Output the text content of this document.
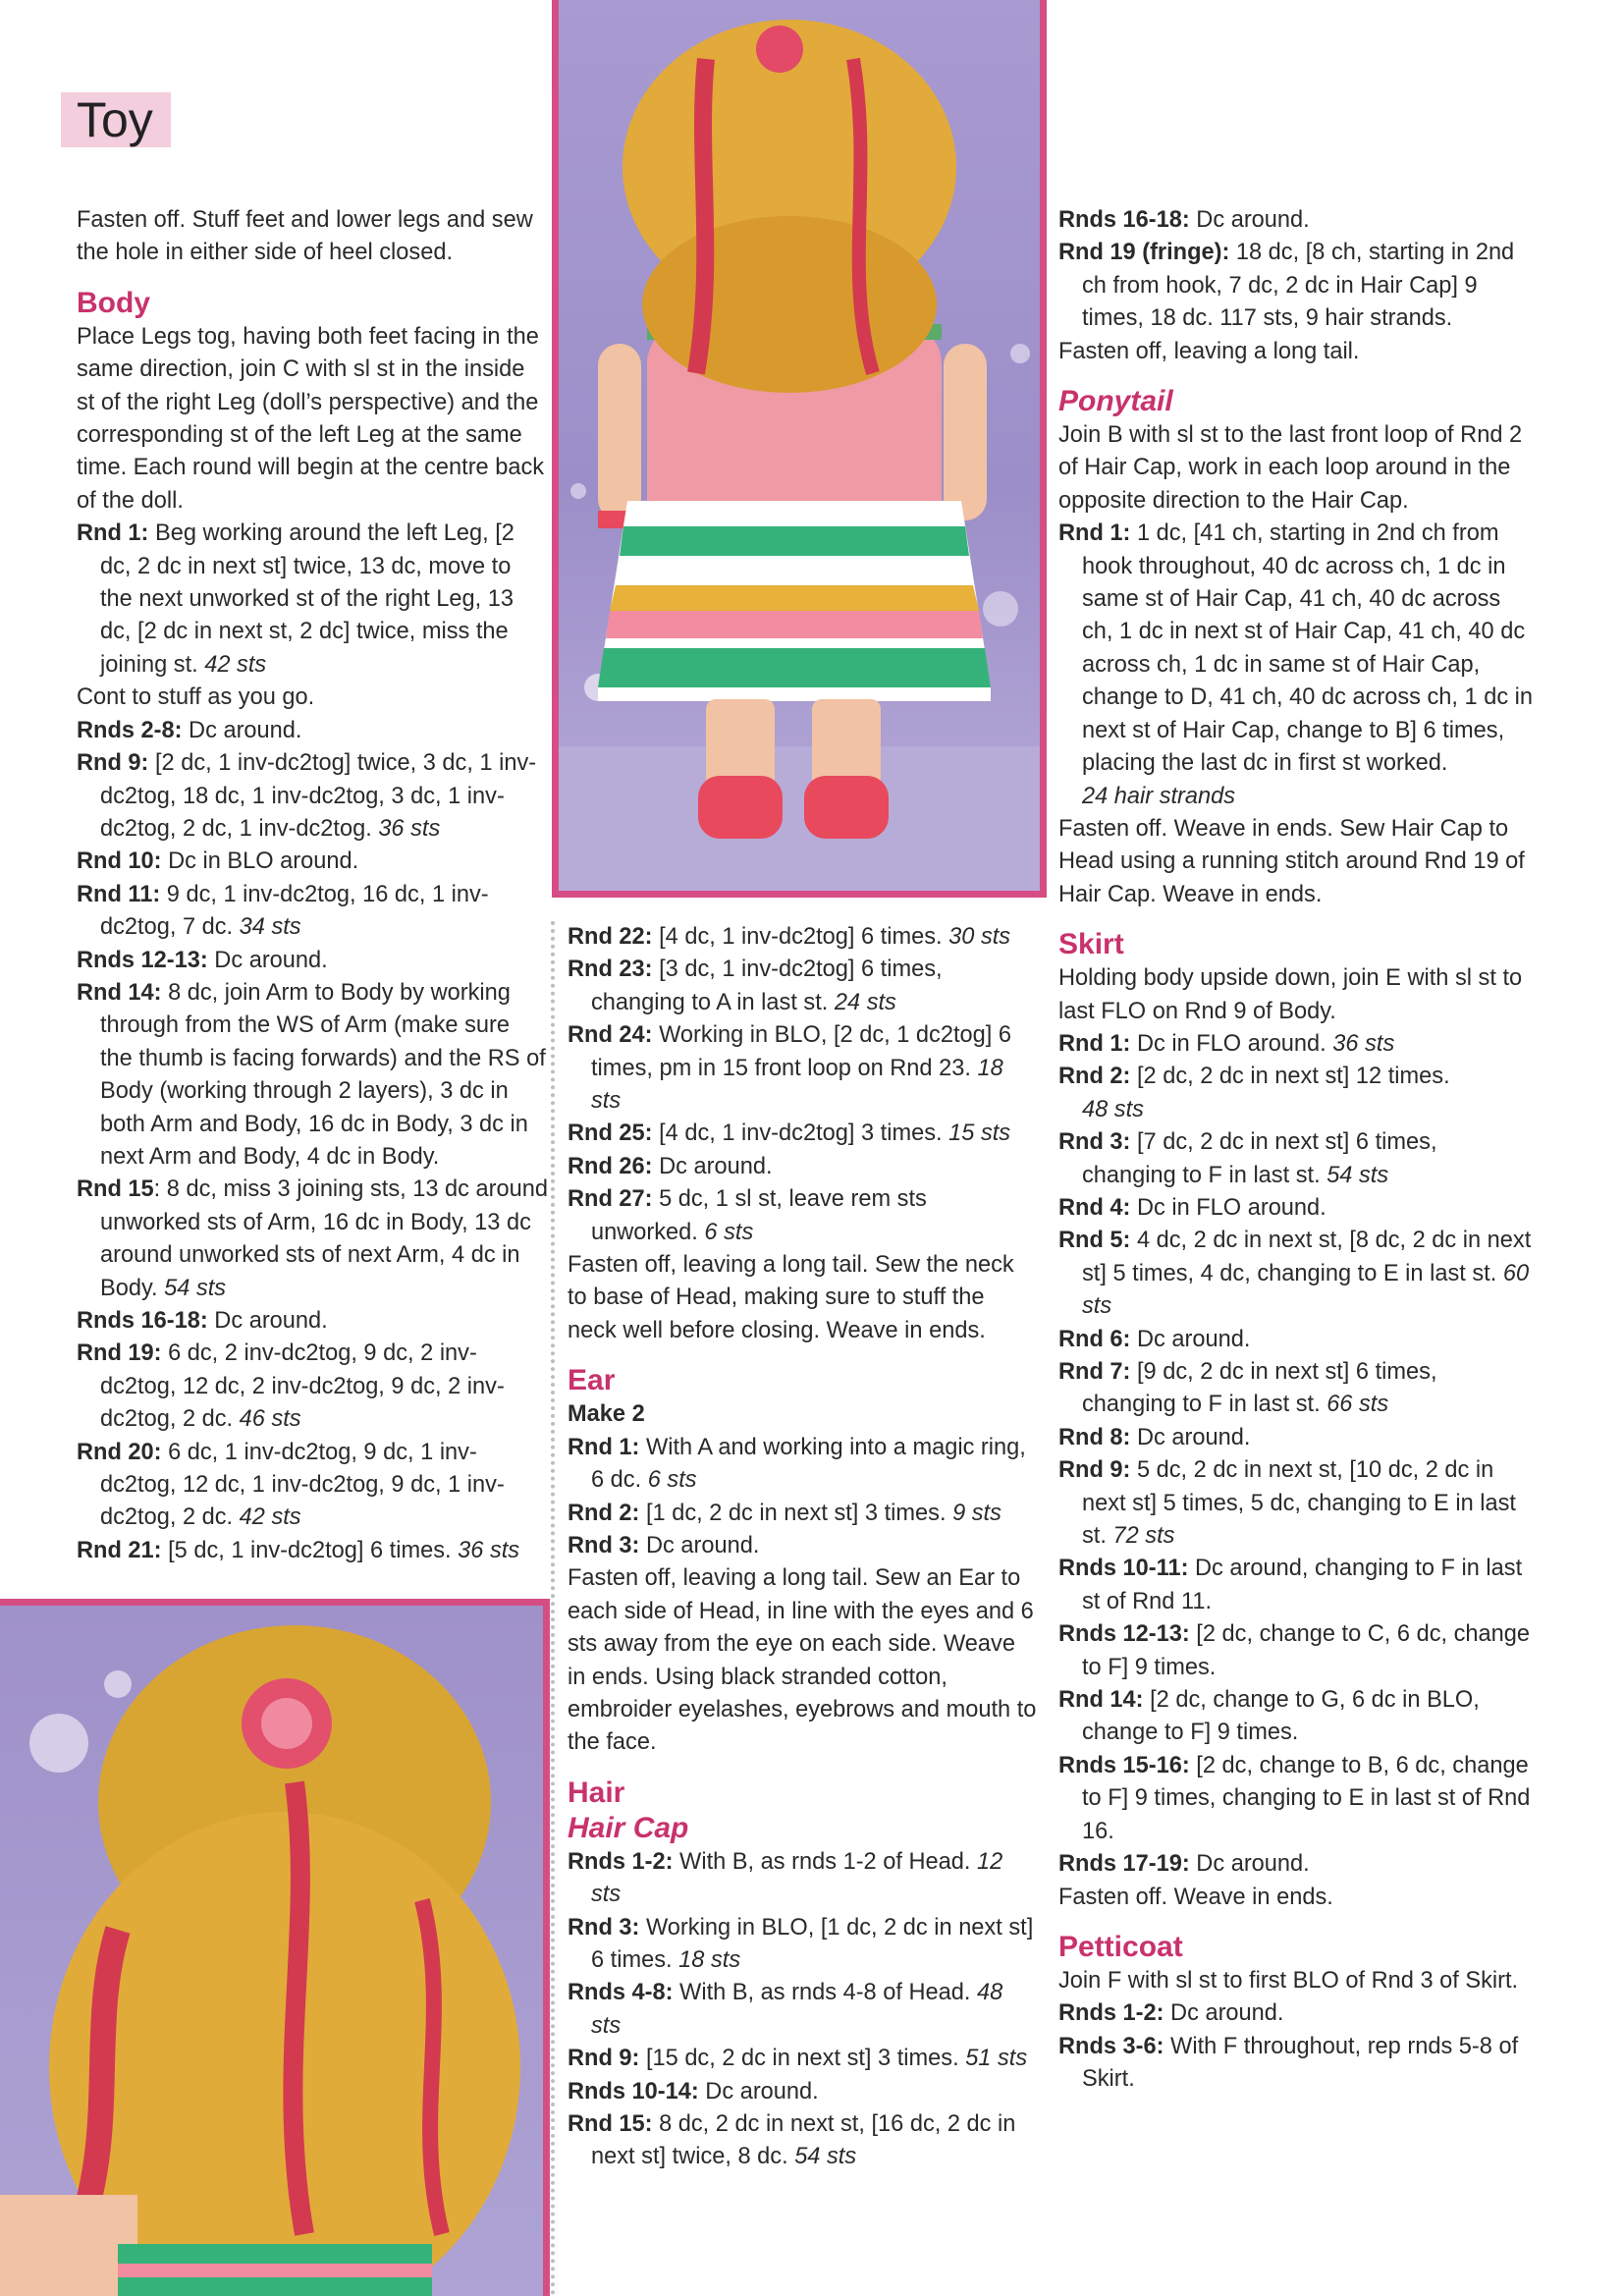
Toy

Fasten off. Stuff feet and lower legs and sew the hole in either side of heel closed.

Body

Place Legs tog, having both feet facing in the same direction, join C with sl st in the inside st of the right Leg (doll’s perspective) and the corresponding st of the left Leg at the same time. Each round will begin at the centre back of the doll.

Rnd 1: Beg working around the left Leg, [2 dc, 2 dc in next st] twice, 13 dc, move to the next unworked st of the right Leg, 13 dc, [2 dc in next st, 2 dc] twice, miss the joining st. 42 sts

Cont to stuff as you go.

Rnds 2-8: Dc around.

Rnd 9: [2 dc, 1 inv-dc2tog] twice, 3 dc, 1 inv-dc2tog, 18 dc, 1 inv-dc2tog, 3 dc, 1 inv-dc2tog, 2 dc, 1 inv-dc2tog. 36 sts

Rnd 10: Dc in BLO around.

Rnd 11: 9 dc, 1 inv-dc2tog, 16 dc, 1 inv-dc2tog, 7 dc. 34 sts

Rnds 12-13: Dc around.

Rnd 14: 8 dc, join Arm to Body by working through from the WS of Arm (make sure the thumb is facing forwards) and the RS of Body (working through 2 layers), 3 dc in both Arm and Body, 16 dc in Body, 3 dc in next Arm and Body, 4 dc in Body.

Rnd 15: 8 dc, miss 3 joining sts, 13 dc around unworked sts of Arm, 16 dc in Body, 13 dc around unworked sts of next Arm, 4 dc in Body. 54 sts

Rnds 16-18: Dc around.

Rnd 19: 6 dc, 2 inv-dc2tog, 9 dc, 2 inv-dc2tog, 12 dc, 2 inv-dc2tog, 9 dc, 2 inv-dc2tog, 2 dc. 46 sts

Rnd 20: 6 dc, 1 inv-dc2tog, 9 dc, 1 inv-dc2tog, 12 dc, 1 inv-dc2tog, 9 dc, 1 inv-dc2tog, 2 dc. 42 sts

Rnd 21: [5 dc, 1 inv-dc2tog] 6 times. 36 sts

Rnd 22: [4 dc, 1 inv-dc2tog] 6 times. 30 sts

Rnd 23: [3 dc, 1 inv-dc2tog] 6 times, changing to A in last st. 24 sts

Rnd 24: Working in BLO, [2 dc, 1 dc2tog] 6 times, pm in 15 front loop on Rnd 23. 18 sts

Rnd 25: [4 dc, 1 inv-dc2tog] 3 times. 15 sts

Rnd 26: Dc around.

Rnd 27: 5 dc, 1 sl st, leave rem sts unworked. 6 sts

Fasten off, leaving a long tail. Sew the neck to base of Head, making sure to stuff the neck well before closing. Weave in ends.

Ear

Make 2

Rnd 1: With A and working into a magic ring, 6 dc. 6 sts

Rnd 2: [1 dc, 2 dc in next st] 3 times. 9 sts

Rnd 3: Dc around.

Fasten off, leaving a long tail. Sew an Ear to each side of Head, in line with the eyes and 6 sts away from the eye on each side. Weave in ends. Using black stranded cotton, embroider eyelashes, eyebrows and mouth to the face.

Hair

Hair Cap

Rnds 1-2: With B, as rnds 1-2 of Head. 12 sts

Rnd 3: Working in BLO, [1 dc, 2 dc in next st] 6 times. 18 sts

Rnds 4-8: With B, as rnds 4-8 of Head. 48 sts

Rnd 9: [15 dc, 2 dc in next st] 3 times. 51 sts

Rnds 10-14: Dc around.

Rnd 15: 8 dc, 2 dc in next st, [16 dc, 2 dc in next st] twice, 8 dc. 54 sts

Rnds 16-18: Dc around.

Rnd 19 (fringe): 18 dc, [8 ch, starting in 2nd ch from hook, 7 dc, 2 dc in Hair Cap] 9 times, 18 dc. 117 sts, 9 hair strands.

Fasten off, leaving a long tail.

Ponytail

Join B with sl st to the last front loop of Rnd 2 of Hair Cap, work in each loop around in the opposite direction to the Hair Cap.

Rnd 1: 1 dc, [41 ch, starting in 2nd ch from hook throughout, 40 dc across ch, 1 dc in same st of Hair Cap, 41 ch, 40 dc across ch, 1 dc in next st of Hair Cap, 41 ch, 40 dc across ch, 1 dc in same st of Hair Cap, change to D, 41 ch, 40 dc across ch, 1 dc in next st of Hair Cap, change to B] 6 times, placing the last dc in first st worked.
24 hair strands

Fasten off. Weave in ends. Sew Hair Cap to Head using a running stitch around Rnd 19 of Hair Cap. Weave in ends.

Skirt

Holding body upside down, join E with sl st to last FLO on Rnd 9 of Body.

Rnd 1: Dc in FLO around. 36 sts

Rnd 2: [2 dc, 2 dc in next st] 12 times.
48 sts

Rnd 3: [7 dc, 2 dc in next st] 6 times, changing to F in last st. 54 sts

Rnd 4: Dc in FLO around.

Rnd 5: 4 dc, 2 dc in next st, [8 dc, 2 dc in next st] 5 times, 4 dc, changing to E in last st. 60 sts

Rnd 6: Dc around.

Rnd 7: [9 dc, 2 dc in next st] 6 times, changing to F in last st. 66 sts

Rnd 8: Dc around.

Rnd 9: 5 dc, 2 dc in next st, [10 dc, 2 dc in next st] 5 times, 5 dc, changing to E in last st. 72 sts

Rnds 10-11: Dc around, changing to F in last st of Rnd 11.

Rnds 12-13: [2 dc, change to C, 6 dc, change to F] 9 times.

Rnd 14: [2 dc, change to G, 6 dc in BLO, change to F] 9 times.

Rnds 15-16: [2 dc, change to B, 6 dc, change to F] 9 times, changing to E in last st of Rnd 16.

Rnds 17-19: Dc around.

Fasten off. Weave in ends.

Petticoat

Join F with sl st to first BLO of Rnd 3 of Skirt.

Rnds 1-2: Dc around.

Rnds 3-6: With F throughout, rep rnds 5-8 of Skirt.
